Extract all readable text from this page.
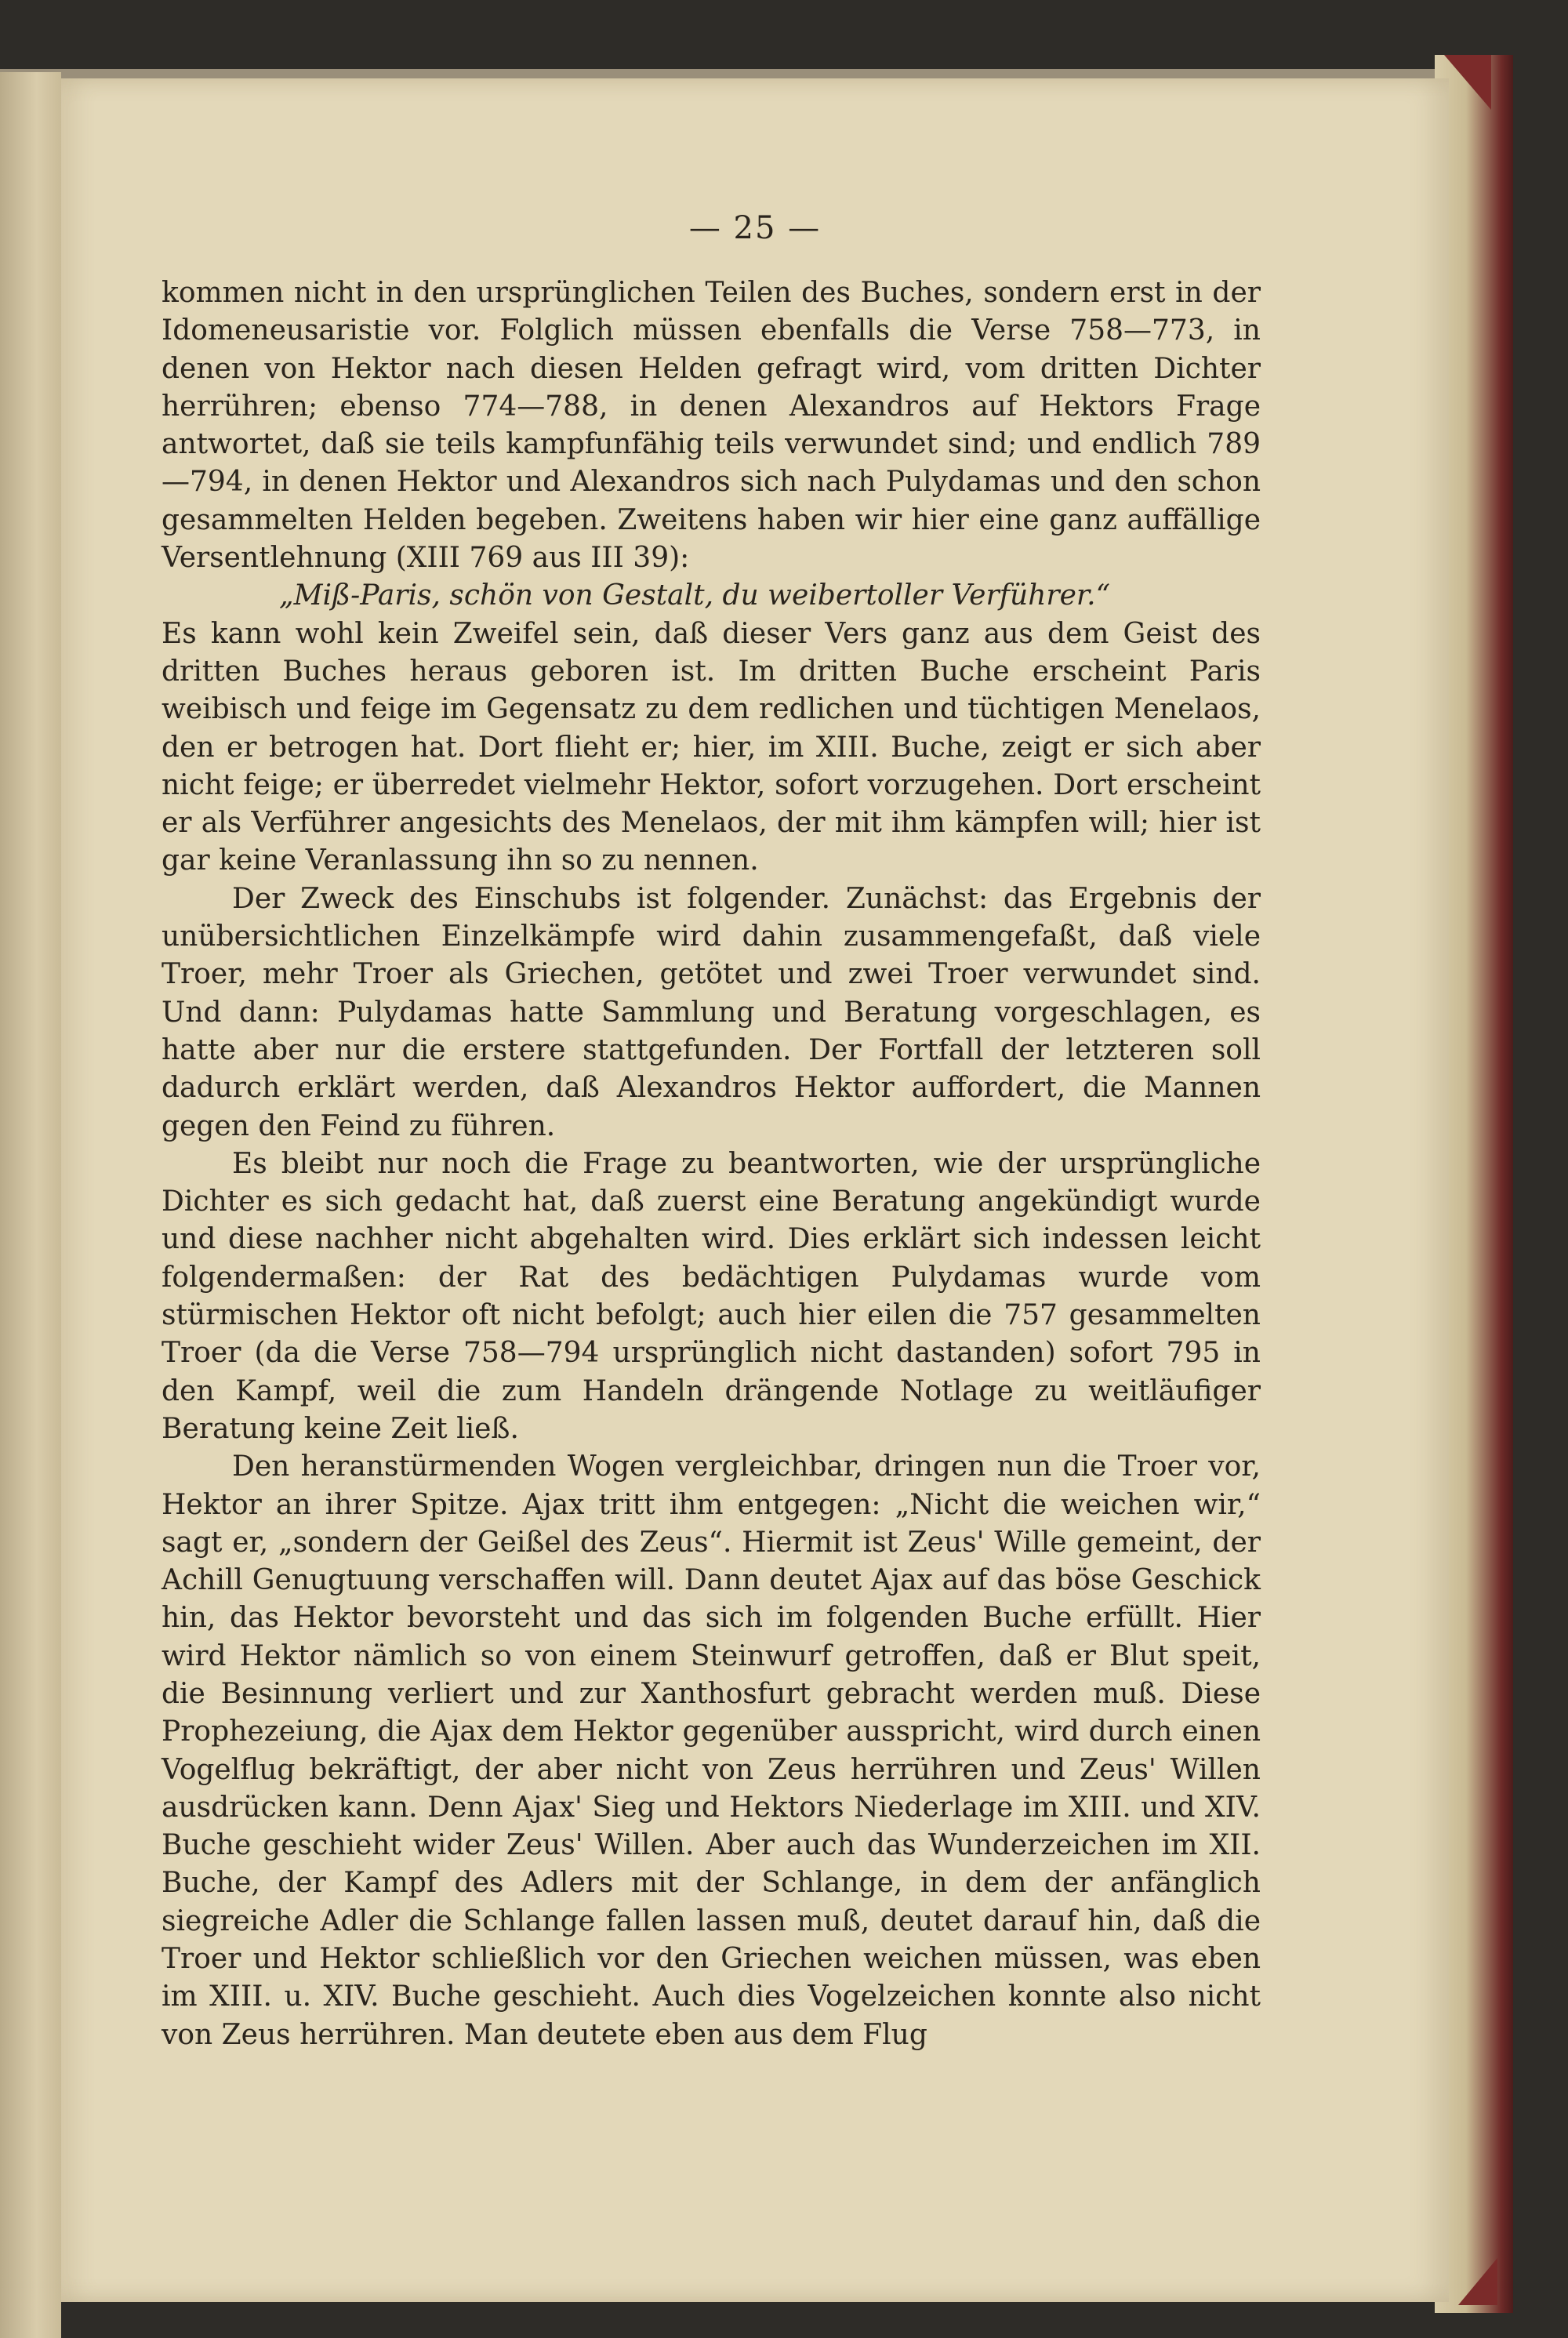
— 25 —

kommen nicht in den ursprünglichen Teilen des Buches, sondern erst in der Idomeneusaristie vor. Folglich müssen ebenfalls die Verse 758—773, in denen von Hektor nach diesen Helden gefragt wird, vom dritten Dichter herrühren; ebenso 774—788, in denen Alexandros auf Hektors Frage antwortet, daß sie teils kampfunfähig teils verwundet sind; und endlich 789—794, in denen Hektor und Alexandros sich nach Pulydamas und den schon gesammelten Helden begeben. Zweitens haben wir hier eine ganz auffällige Versentlehnung (XIII 769 aus III 39):

„Miß-Paris, schön von Gestalt, du weibertoller Verführer.“

Es kann wohl kein Zweifel sein, daß dieser Vers ganz aus dem Geist des dritten Buches heraus geboren ist. Im dritten Buche erscheint Paris weibisch und feige im Gegensatz zu dem redlichen und tüchtigen Menelaos, den er betrogen hat. Dort flieht er; hier, im XIII. Buche, zeigt er sich aber nicht feige; er überredet vielmehr Hektor, sofort vorzugehen. Dort erscheint er als Verführer angesichts des Menelaos, der mit ihm kämpfen will; hier ist gar keine Veranlassung ihn so zu nennen.

Der Zweck des Einschubs ist folgender. Zunächst: das Ergebnis der unübersichtlichen Einzelkämpfe wird dahin zusammengefaßt, daß viele Troer, mehr Troer als Griechen, getötet und zwei Troer verwundet sind. Und dann: Pulydamas hatte Sammlung und Beratung vorgeschlagen, es hatte aber nur die erstere stattgefunden. Der Fortfall der letzteren soll dadurch erklärt werden, daß Alexandros Hektor auffordert, die Mannen gegen den Feind zu führen.

Es bleibt nur noch die Frage zu beantworten, wie der ursprüngliche Dichter es sich gedacht hat, daß zuerst eine Beratung angekündigt wurde und diese nachher nicht abgehalten wird. Dies erklärt sich indessen leicht folgendermaßen: der Rat des bedächtigen Pulydamas wurde vom stürmischen Hektor oft nicht befolgt; auch hier eilen die 757 gesammelten Troer (da die Verse 758—794 ursprünglich nicht dastanden) sofort 795 in den Kampf, weil die zum Handeln drängende Notlage zu weitläufiger Beratung keine Zeit ließ.

Den heranstürmenden Wogen vergleichbar, dringen nun die Troer vor, Hektor an ihrer Spitze. Ajax tritt ihm entgegen: „Nicht die weichen wir,“ sagt er, „sondern der Geißel des Zeus“. Hiermit ist Zeus' Wille gemeint, der Achill Genugtuung verschaffen will. Dann deutet Ajax auf das böse Geschick hin, das Hektor bevorsteht und das sich im folgenden Buche erfüllt. Hier wird Hektor nämlich so von einem Steinwurf getroffen, daß er Blut speit, die Besinnung verliert und zur Xanthosfurt gebracht werden muß. Diese Prophezeiung, die Ajax dem Hektor gegenüber ausspricht, wird durch einen Vogelflug bekräftigt, der aber nicht von Zeus herrühren und Zeus' Willen ausdrücken kann. Denn Ajax' Sieg und Hektors Niederlage im XIII. und XIV. Buche geschieht wider Zeus' Willen. Aber auch das Wunderzeichen im XII. Buche, der Kampf des Adlers mit der Schlange, in dem der anfänglich siegreiche Adler die Schlange fallen lassen muß, deutet darauf hin, daß die Troer und Hektor schließlich vor den Griechen weichen müssen, was eben im XIII. u. XIV. Buche geschieht. Auch dies Vogelzeichen konnte also nicht von Zeus herrühren. Man deutete eben aus dem Flug
